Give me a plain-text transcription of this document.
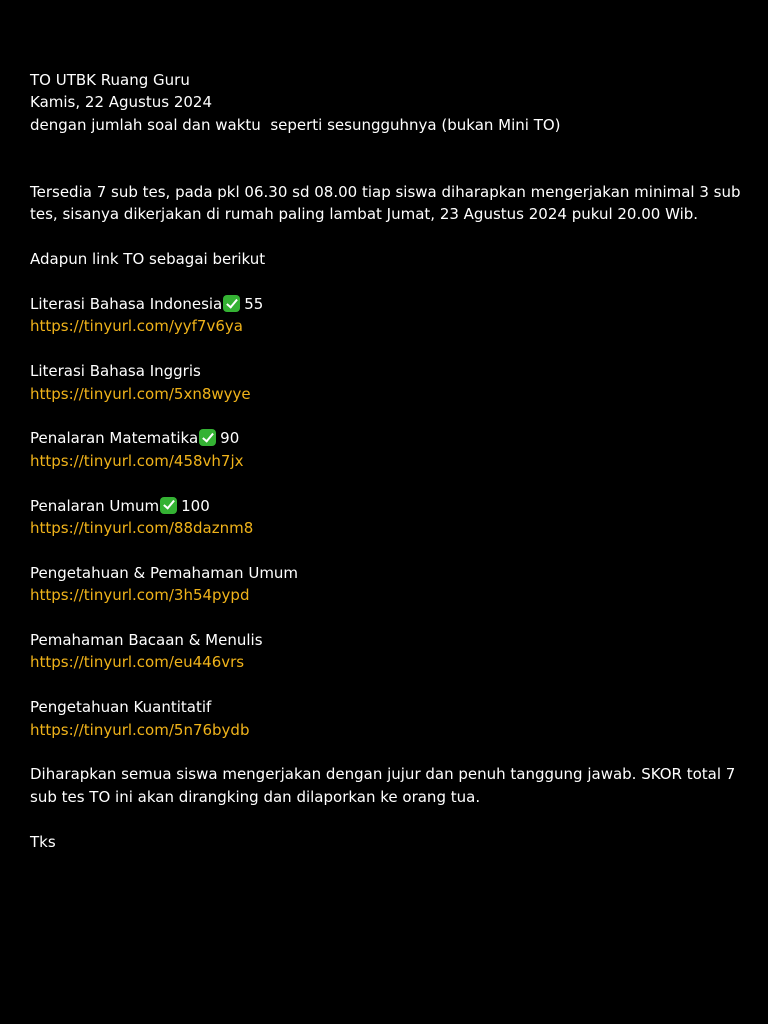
TO UTBK Ruang Guru
Kamis, 22 Agustus 2024
dengan jumlah soal dan waktu  seperti sesungguhnya (bukan Mini TO)
Tersedia 7 sub tes, pada pkl 06.30 sd 08.00 tiap siswa diharapkan mengerjakan minimal 3 sub tes, sisanya dikerjakan di rumah paling lambat Jumat, 23 Agustus 2024 pukul 20.00 Wib.
Adapun link TO sebagai berikut
Literasi Bahasa Indonesia 55
https://tinyurl.com/yyf7v6ya
Literasi Bahasa Inggris
https://tinyurl.com/5xn8wyye
Penalaran Matematika 90
https://tinyurl.com/458vh7jx
Penalaran Umum 100
https://tinyurl.com/88daznm8
Pengetahuan & Pemahaman Umum
https://tinyurl.com/3h54pypd
Pemahaman Bacaan & Menulis
https://tinyurl.com/eu446vrs
Pengetahuan Kuantitatif
https://tinyurl.com/5n76bydb
Diharapkan semua siswa mengerjakan dengan jujur dan penuh tanggung jawab. SKOR total 7 sub tes TO ini akan dirangking dan dilaporkan ke orang tua.
Tks
